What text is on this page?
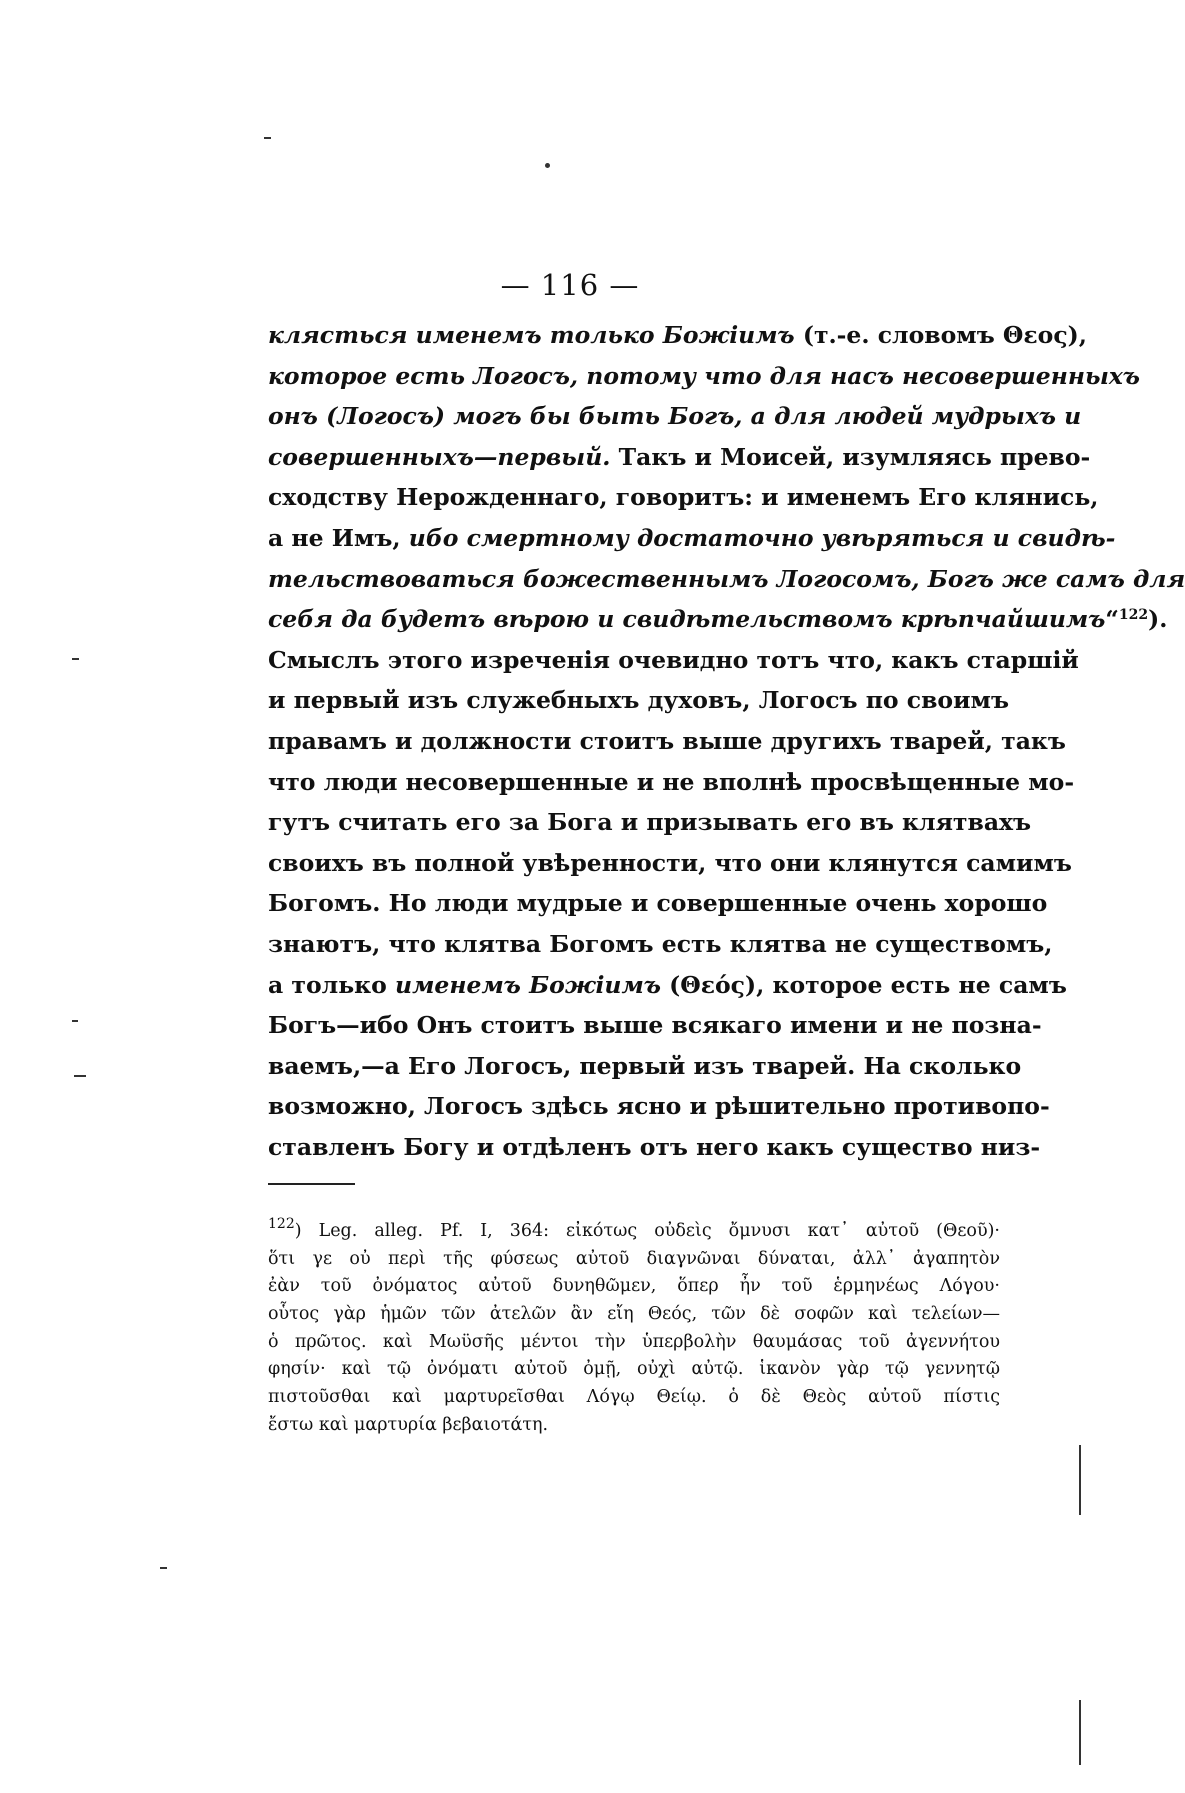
— 116 —
клясться именемъ только Божіимъ (т.-е. словомъ Θεος),
которое есть Логосъ, потому что для насъ несовершенныхъ
онъ (Логосъ) могъ бы быть Богъ, а для людей мудрыхъ и
совершенныхъ—первый. Такъ и Моисей, изумляясь прево-
сходству Нерожденнаго, говоритъ: и именемъ Его клянись,
а не Имъ, ибо смертному достаточно увѣряться и свидѣ-
тельствоваться божественнымъ Логосомъ, Богъ же самъ для
себя да будетъ вѣрою и свидѣтельствомъ крѣпчайшимъ“$^{122}$).
Смыслъ этого изреченія очевидно тотъ что, какъ старшій
и первый изъ служебныхъ духовъ, Логосъ по своимъ
правамъ и должности стоитъ выше другихъ тварей, такъ
что люди несовершенные и не вполнѣ просвѣщенные мо-
гутъ считать его за Бога и призывать его въ клятвахъ
своихъ въ полной увѣренности, что они клянутся самимъ
Богомъ. Но люди мудрые и совершенные очень хорошо
знаютъ, что клятва Богомъ есть клятва не существомъ,
а только именемъ Божіимъ (Θεός), которое есть не самъ
Богъ—ибо Онъ стоитъ выше всякаго имени и не позна-
ваемъ,—а Его Логосъ, первый изъ тварей. На сколько
возможно, Логосъ здѣсь ясно и рѣшительно противопо-
ставленъ Богу и отдѣленъ отъ него какъ существо низ-
$^{122}$) Leg. alleg. Pf. I, 364: εἰκότως οὐδεὶς ὄμνυσι κατ᾽ αὐτοῦ (Θεοῦ)·
ὅτι γε οὐ περὶ τῆς φύσεως αὐτοῦ διαγνῶναι δύναται, ἀλλ᾽ ἀγαπητὸν
ἐὰν τοῦ ὀνόματος αὐτοῦ δυνηθῶμεν, ὅπερ ἦν τοῦ ἑρμηνέως Λόγου·
οὗτος γὰρ ἡμῶν τῶν ἀτελῶν ἂν εἴη Θεός, τῶν δὲ σοφῶν καὶ τελείων—
ὁ πρῶτος. καὶ Μωϋσῆς μέντοι τὴν ὑπερβολὴν θαυμάσας τοῦ ἀγεννήτου
φησίν· καὶ τῷ ὀνόματι αὐτοῦ ὀμῇ, οὐχὶ αὐτῷ. ἱκανὸν γὰρ τῷ γεννητῷ
πιστοῦσθαι καὶ μαρτυρεῖσθαι Λόγῳ Θείῳ. ὁ δὲ Θεὸς αὐτοῦ πίστις
ἔστω καὶ μαρτυρία βεβαιοτάτη.
